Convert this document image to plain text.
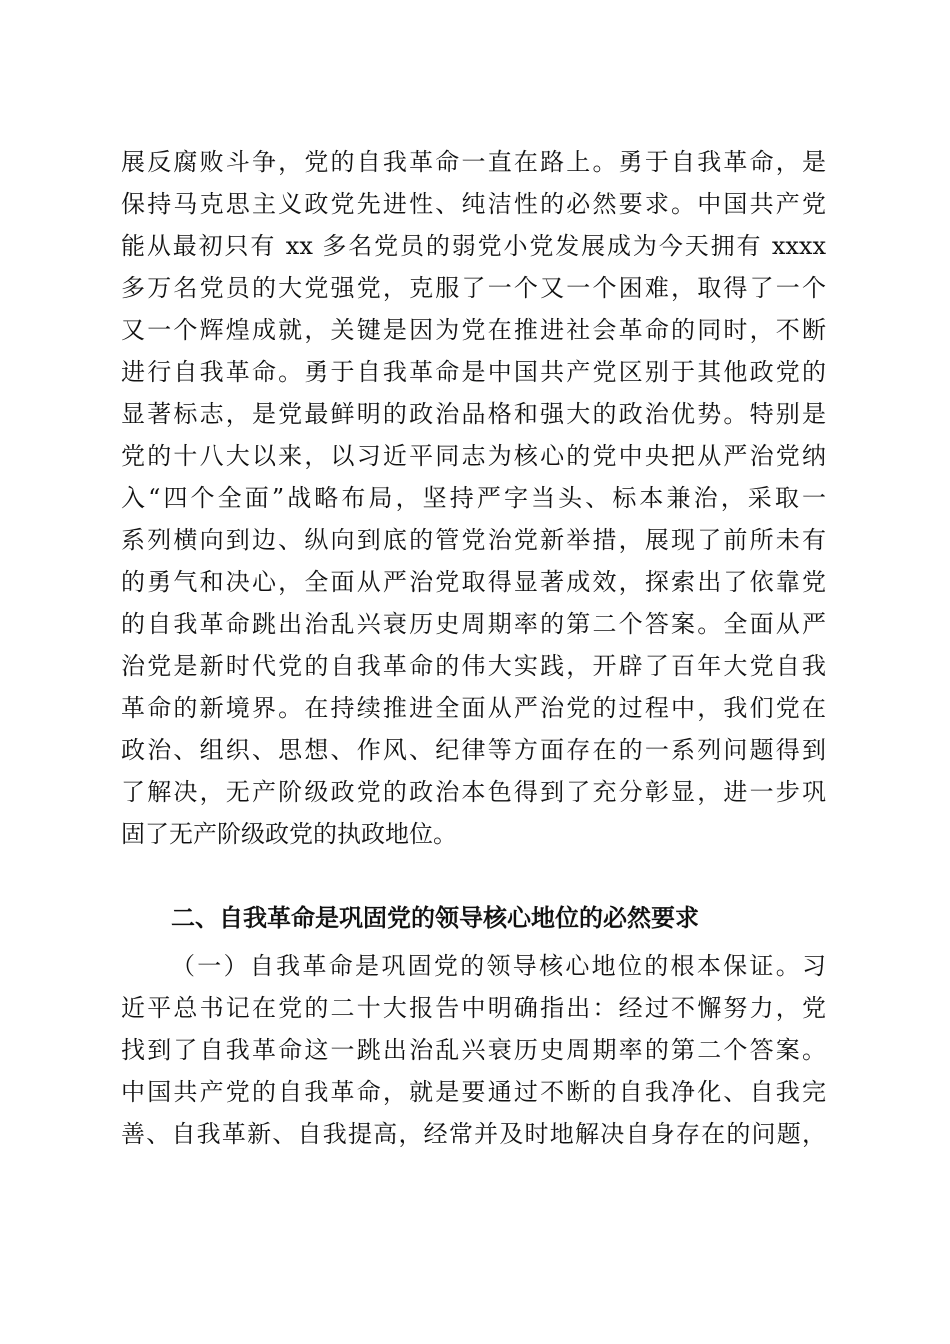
展反腐败斗争，党的自我革命一直在路上。勇于自我革命，是
保持马克思主义政党先进性、纯洁性的必然要求。中国共产党
能从最初只有 xx 多名党员的弱党小党发展成为今天拥有 xxxx
多万名党员的大党强党，克服了一个又一个困难，取得了一个
又一个辉煌成就，关键是因为党在推进社会革命的同时，不断
进行自我革命。勇于自我革命是中国共产党区别于其他政党的
显著标志，是党最鲜明的政治品格和强大的政治优势。特别是
党的十八大以来，以习近平同志为核心的党中央把从严治党纳
入“四个全面”战略布局，坚持严字当头、标本兼治，采取一
系列横向到边、纵向到底的管党治党新举措，展现了前所未有
的勇气和决心，全面从严治党取得显著成效，探索出了依靠党
的自我革命跳出治乱兴衰历史周期率的第二个答案。全面从严
治党是新时代党的自我革命的伟大实践，开辟了百年大党自我
革命的新境界。在持续推进全面从严治党的过程中，我们党在
政治、组织、思想、作风、纪律等方面存在的一系列问题得到
了解决，无产阶级政党的政治本色得到了充分彰显，进一步巩
固了无产阶级政党的执政地位。
二、自我革命是巩固党的领导核心地位的必然要求
（一）自我革命是巩固党的领导核心地位的根本保证。习
近平总书记在党的二十大报告中明确指出：经过不懈努力，党
找到了自我革命这一跳出治乱兴衰历史周期率的第二个答案。
中国共产党的自我革命，就是要通过不断的自我净化、自我完
善、自我革新、自我提高，经常并及时地解决自身存在的问题，
